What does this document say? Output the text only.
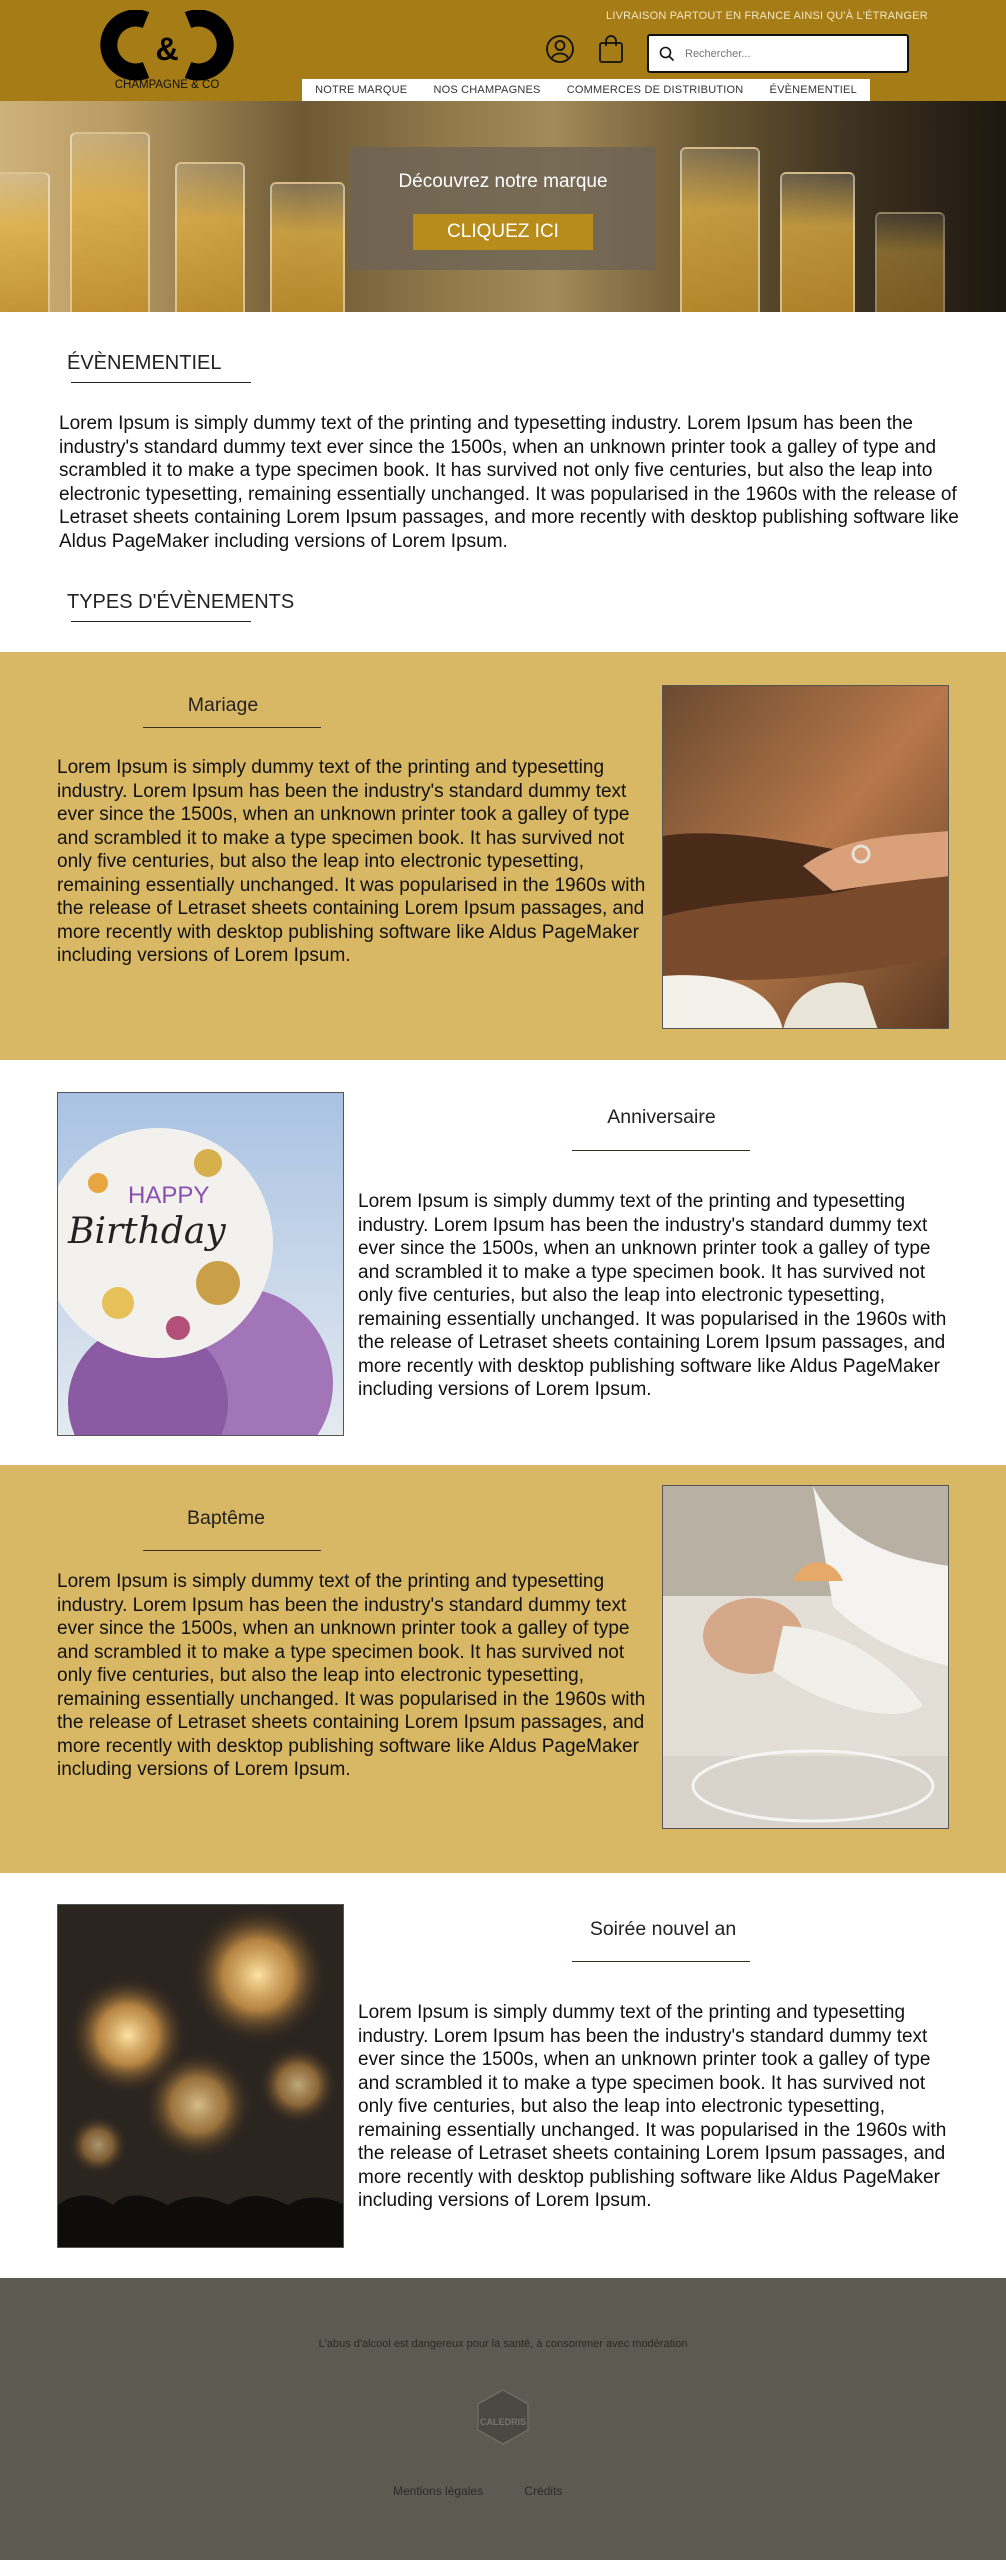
&
CHAMPAGNE & CO
LIVRAISON PARTOUT EN FRANCE AINSI QU'À L'ÉTRANGER
Rechercher...
NOTRE MARQUE NOS CHAMPAGNES COMMERCES DE DISTRIBUTION ÉVÈNEMENTIEL
Découvrez notre marque
CLIQUEZ ICI
ÉVÈNEMENTIEL
Lorem Ipsum is simply dummy text of the printing and typesetting industry. Lorem Ipsum has been the industry's standard dummy text ever since the 1500s, when an unknown printer took a galley of type and scrambled it to make a type specimen book. It has survived not only five centuries, but also the leap into electronic typesetting, remaining essentially unchanged. It was popularised in the 1960s with the release of Letraset sheets containing Lorem Ipsum passages, and more recently with desktop publishing software like Aldus PageMaker including versions of Lorem Ipsum.
TYPES D'ÉVÈNEMENTS
Mariage
Lorem Ipsum is simply dummy text of the printing and typesetting industry. Lorem Ipsum has been the industry's standard dummy text ever since the 1500s, when an unknown printer took a galley of type and scrambled it to make a type specimen book. It has survived not only five centuries, but also the leap into electronic typesetting, remaining essentially unchanged. It was popularised in the 1960s with the release of Letraset sheets containing Lorem Ipsum passages, and more recently with desktop publishing software like Aldus PageMaker including versions of Lorem Ipsum.
HAPPY
Birthday
Anniversaire
Lorem Ipsum is simply dummy text of the printing and typesetting industry. Lorem Ipsum has been the industry's standard dummy text ever since the 1500s, when an unknown printer took a galley of type and scrambled it to make a type specimen book. It has survived not only five centuries, but also the leap into electronic typesetting, remaining essentially unchanged. It was popularised in the 1960s with the release of Letraset sheets containing Lorem Ipsum passages, and more recently with desktop publishing software like Aldus PageMaker including versions of Lorem Ipsum.
Baptême
Lorem Ipsum is simply dummy text of the printing and typesetting industry. Lorem Ipsum has been the industry's standard dummy text ever since the 1500s, when an unknown printer took a galley of type and scrambled it to make a type specimen book. It has survived not only five centuries, but also the leap into electronic typesetting, remaining essentially unchanged. It was popularised in the 1960s with the release of Letraset sheets containing Lorem Ipsum passages, and more recently with desktop publishing software like Aldus PageMaker including versions of Lorem Ipsum.
Soirée nouvel an
Lorem Ipsum is simply dummy text of the printing and typesetting industry. Lorem Ipsum has been the industry's standard dummy text ever since the 1500s, when an unknown printer took a galley of type and scrambled it to make a type specimen book. It has survived not only five centuries, but also the leap into electronic typesetting, remaining essentially unchanged. It was popularised in the 1960s with the release of Letraset sheets containing Lorem Ipsum passages, and more recently with desktop publishing software like Aldus PageMaker including versions of Lorem Ipsum.
L'abus d'alcool est dangereux pour la santé, à consommer avec modération
CALEDRIS
Mentions légales	Crédits
